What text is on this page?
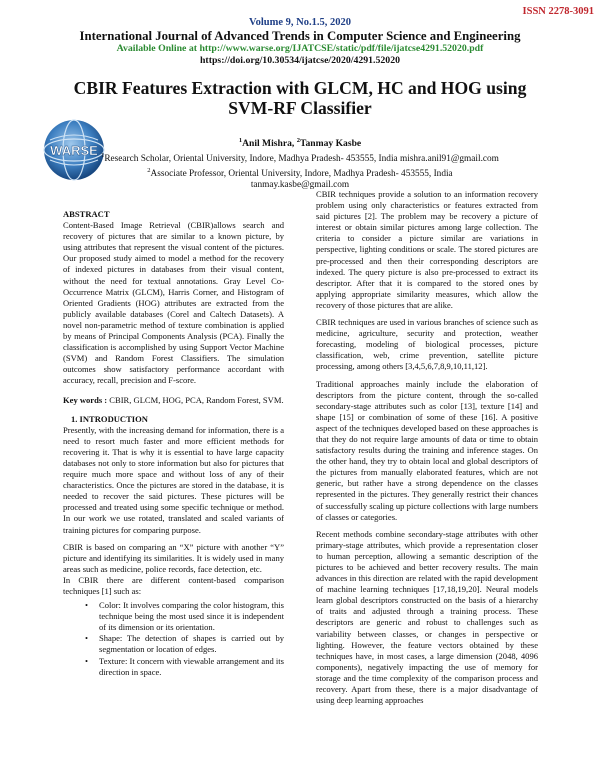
ISSN 2278-3091
Volume 9, No.1.5, 2020
International Journal of Advanced Trends in Computer Science and Engineering
Available Online at http://www.warse.org/IJATCSE/static/pdf/file/ijatcse4291.52020.pdf
https://doi.org/10.30534/ijatcse/2020/4291.52020
CBIR Features Extraction with GLCM, HC and HOG using
SVM-RF Classifier
WARSE
$^1$Anil Mishra, $^2$Tanmay Kasbe
$^1$Research Scholar, Oriental University, Indore, Madhya Pradesh- 453555, India mishra.anil91@gmail.com
$^2$Associate Professor, Oriental University, Indore, Madhya Pradesh- 453555, India
tanmay.kasbe@gmail.com

ABSTRACT

Content-Based Image Retrieval (CBIR)allows search and recovery of pictures that are similar to a known picture, by using attributes that represent the visual content of the pictures. Our proposed study aimed to model a method for the recovery of indexed pictures in databases from their visual content, without the need for textual annotations. Gray Level Co-Occurrence Matrix (GLCM), Harris Corner, and Histogram of Oriented Gradients (HOG) attributes are extracted from the publicly available databases (Corel and Caltech Datasets). A novel non-parametric method of texture combination is applied by means of Principal Components Analysis (PCA). Finally the classification is accomplished by using Support Vector Machine (SVM) and Random Forest Classifiers. The simulation outcomes show satisfactory performance accordant with accuracy, recall, precision and F-score.

Key words : CBIR, GLCM, HOG, PCA, Random Forest, SVM.

1. INTRODUCTION

Presently, with the increasing demand for information, there is a need to resort much faster and more efficient methods for recovering it. That is why it is essential to have large capacity databases not only to store information but also for pictures that require much more space and without loss of any of their characteristics. Once the pictures are stored in the database, it is needed to recover the said pictures. These pictures will be processed and treated using some specific technique or method. In our work we use rotated, translated and scaled variants of training pictures for comparing purpose.

CBIR is based on comparing an “X” picture with another “Y” picture and identifying its similarities. It is widely used in many areas such as medicine, police records, face detection, etc.

In CBIR there are different content-based comparison techniques [1] such as:

• Color: It involves comparing the color histogram, this technique being the most used since it is independent of its dimension or its orientation.
• Shape: The detection of shapes is carried out by segmentation or location of edges.
• Texture: It concern with viewable arrangement and its direction in space.

CBIR techniques provide a solution to an information recovery problem using only characteristics or features extracted from said pictures [2]. The problem may be recovery a picture of interest or obtain similar pictures among large collection. The criteria to consider a picture similar are variations in perspective, lighting conditions or scale. The stored pictures are pre-processed and then their corresponding descriptors are indexed. The query picture is also pre-processed to extract its descriptor. After that it is compared to the stored ones by applying appropriate similarity measures, which allow the recovery of those pictures that are alike.

CBIR techniques are used in various branches of science such as medicine, agriculture, security and protection, weather forecasting, modeling of biological processes, picture classification, web, crime prevention, satellite picture processing, among others [3,4,5,6,7,8,9,10,11,12].

Traditional approaches mainly include the elaboration of descriptors from the picture content, through the so-called secondary-stage attributes such as color [13], texture [14] and shape [15] or combination of some of these [16]. A positive aspect of the techniques developed based on these approaches is that they do not require large amounts of data or time to obtain satisfactory results during the training and inference stages. On the other hand, they try to obtain local and global descriptors of the pictures from manually elaborated features, which are not generic, but rather have a strong dependence on the classes represented in the pictures. They generally restrict their chances of successfully scaling up picture collections with large numbers of classes or categories.

Recent methods combine secondary-stage attributes with other primary-stage attributes, which provide a representation closer to human perception, allowing a semantic description of the pictures to be achieved and better recovery results. The main advances in this direction are related with the rapid development of machine learning techniques [17,18,19,20]. Neural models learn global descriptors constructed on the basis of a hierarchy of traits and adjusted through a training process. These descriptors are generic and robust to challenges such as variability between classes, or changes in perspective or lighting. However, the feature vectors obtained by these techniques have, in most cases, a large dimension (2048, 4096 components), negatively impacting the use of memory for storage and the time complexity of the comparison process and recovery. Apart from these, there is a major disadvantage of using deep learning approaches
